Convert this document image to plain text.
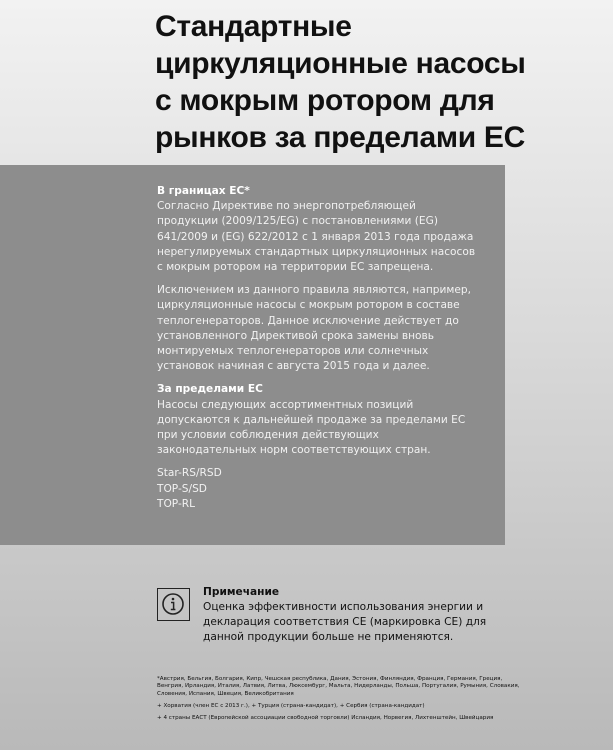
Стандартные
циркуляционные насосы
с мокрым ротором для
рынков за пределами ЕС

В границах ЕС*
Согласно Директиве по энергопотребляющей продукции (2009/125/EG) с постановлениями (EG) 641/2009 и (EG) 622/2012 с 1 января 2013 года продажа нерегулируемых стандартных циркуляционных насосов с мокрым ротором на территории ЕС запрещена.

Исключением из данного правила являются, например, циркуляционные насосы с мокрым ротором в составе теплогенераторов. Данное исключение действует до установленного Директивой срока замены вновь монтируемых теплогенераторов или солнечных установок начиная с августа 2015 года и далее.

За пределами ЕС
Насосы следующих ассортиментных позиций допускаются к дальнейшей продаже за пределами ЕС при условии соблюдения действующих законодательных норм соответствующих стран.

Star-RS/RSD
TOP-S/SD
TOP-RL

Примечание
Оценка эффективности использования энергии и декларация соответствия СЕ (маркировка СЕ) для данной продукции больше не применяются.

*Австрия, Бельгия, Болгария, Кипр, Чешская республика, Дания, Эстония, Финляндия, Франция, Германия, Греция, Венгрия, Ирландия, Италия, Латвия, Литва, Люксембург, Мальта, Нидерланды, Польша, Португалия, Румыния, Словакия, Словения, Испания, Швеция, Великобритания

+ Хорватия (член ЕС с 2013 г.), + Турция (страна-кандидат), + Сербия (страна-кандидат)

+ 4 страны ЕАСТ (Европейской ассоциации свободной торговли) Исландия, Норвегия, Лихтенштейн, Швейцария
